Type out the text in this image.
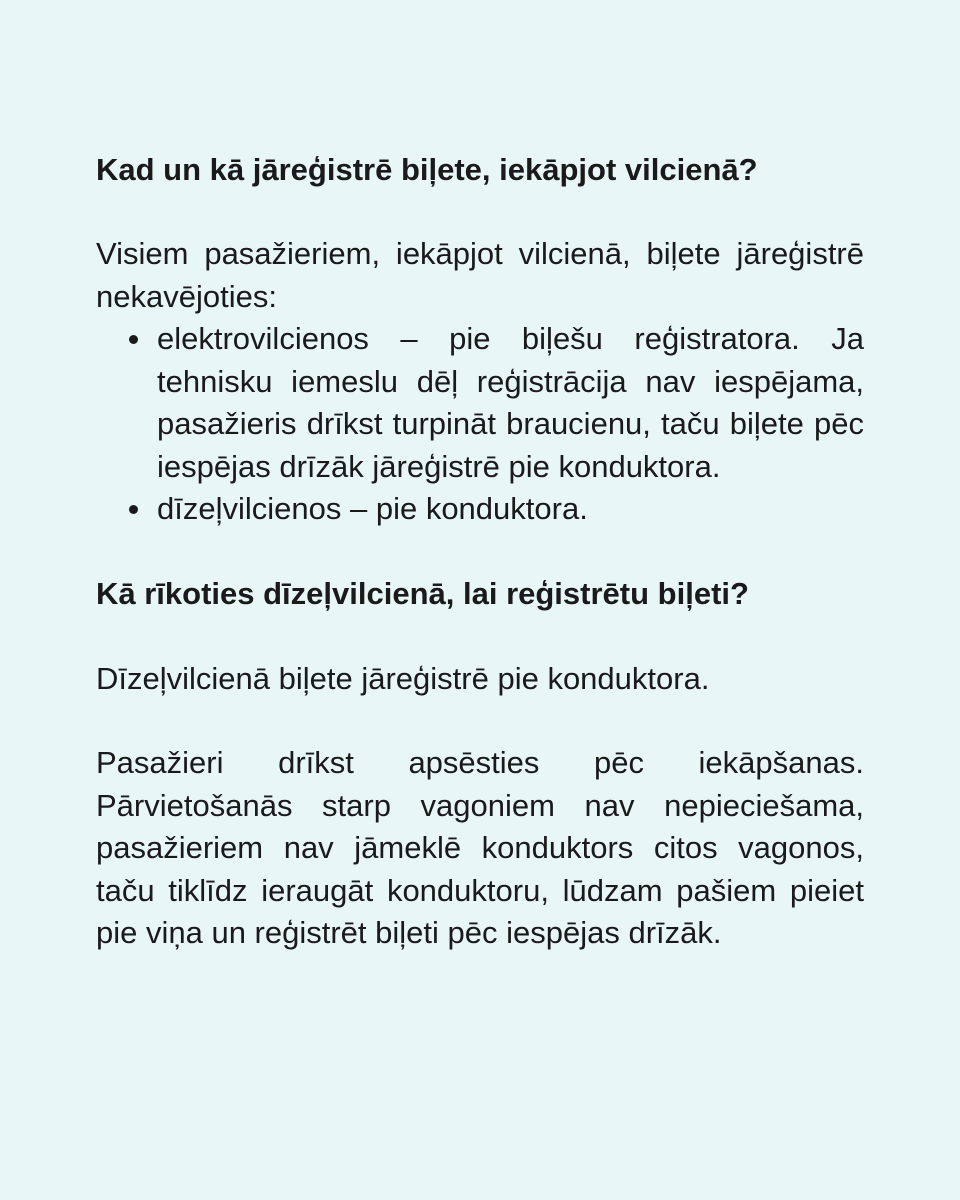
Kad un kā jāreģistrē biļete, iekāpjot vilcienā?

Visiem pasažieriem, iekāpjot vilcienā, biļete jāreģistrē nekavējoties:

elektrovilcienos – pie biļešu reģistratora. Ja tehnisku iemeslu dēļ reģistrācija nav iespējama, pasažieris drīkst turpināt braucienu, taču biļete pēc iespējas drīzāk jāreģistrē pie konduktora.
dīzeļvilcienos – pie konduktora.
Kā rīkoties dīzeļvilcienā, lai reģistrētu biļeti?

Dīzeļvilcienā biļete jāreģistrē pie konduktora.

Pasažieri drīkst apsēsties pēc iekāpšanas. Pārvietošanās starp vagoniem nav nepieciešama, pasažieriem nav jāmeklē konduktors citos vagonos, taču tiklīdz ieraugāt konduktoru, lūdzam pašiem pieiet pie viņa un reģistrēt biļeti pēc iespējas drīzāk.
